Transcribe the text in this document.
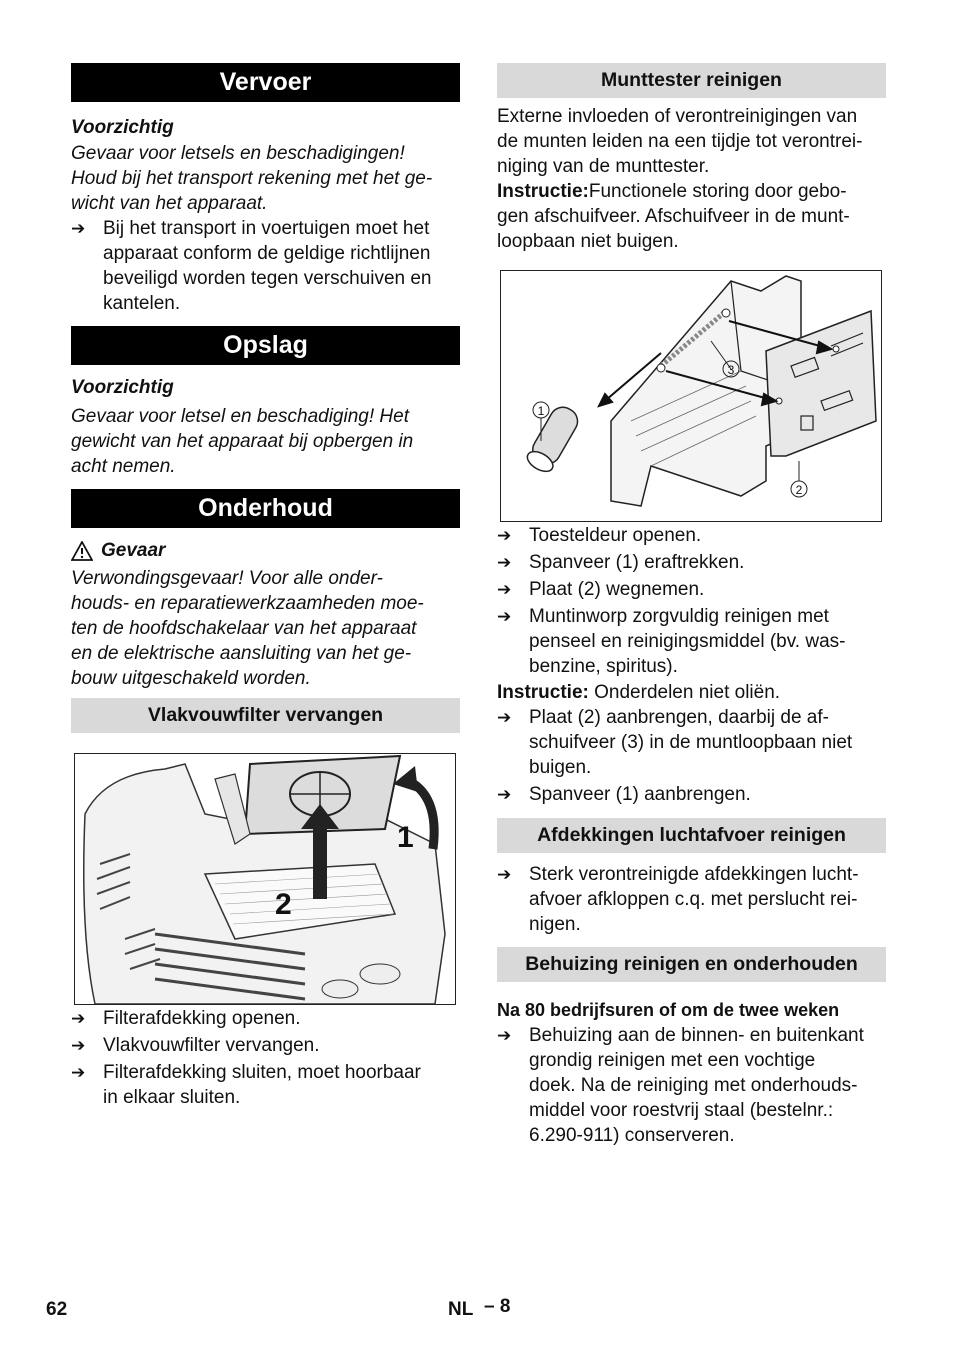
Vervoer

Voorzichtig

Gevaar voor letsels en beschadigingen!

Houd bij het transport rekening met het ge-

wicht van het apparaat.

➔ Bij het transport in voertuigen moet het
apparaat conform de geldige richtlijnen
beveiligd worden tegen verschuiven en
kantelen.
Opslag

Voorzichtig

Gevaar voor letsel en beschadiging! Het

gewicht van het apparaat bij opbergen in

acht nemen.

Onderhoud
Gevaar

Verwondingsgevaar! Voor alle onder-

houds- en reparatiewerkzaamheden moe-

ten de hoofdschakelaar van het apparaat

en de elektrische aansluiting van het ge-

bouw uitgeschakeld worden.

Vlakvouwfilter vervangen
1
2
➔ Filterafdekking openen.
➔ Vlakvouwfilter vervangen.
➔ Filterafdekking sluiten, moet hoorbaar
in elkaar sluiten.
Munttester reinigen

Externe invloeden of verontreinigingen van

de munten leiden na een tijdje tot verontrei-

niging van de munttester.

Instructie:Functionele storing door gebo-

gen afschuifveer. Afschuifveer in de munt-

loopbaan niet buigen.

1
2
3
➔ Toesteldeur openen.
➔ Spanveer (1) eraftrekken.
➔ Plaat (2) wegnemen.
➔ Muntinworp zorgvuldig reinigen met
penseel en reinigingsmiddel (bv. was-
benzine, spiritus).

Instructie: Onderdelen niet oliën.

➔ Plaat (2) aanbrengen, daarbij de af-
schuifveer (3) in de muntloopbaan niet
buigen.
➔ Spanveer (1) aanbrengen.
Afdekkingen luchtafvoer reinigen
➔ Sterk verontreinigde afdekkingen lucht-
afvoer afkloppen c.q. met perslucht rei-
nigen.
Behuizing reinigen en onderhouden

Na 80 bedrijfsuren of om de twee weken

➔ Behuizing aan de binnen- en buitenkant
grondig reinigen met een vochtige
doek. Na de reiniging met onderhouds-
middel voor roestvrij staal (bestelnr.:
6.290-911) conserveren.
62	NL – 8
